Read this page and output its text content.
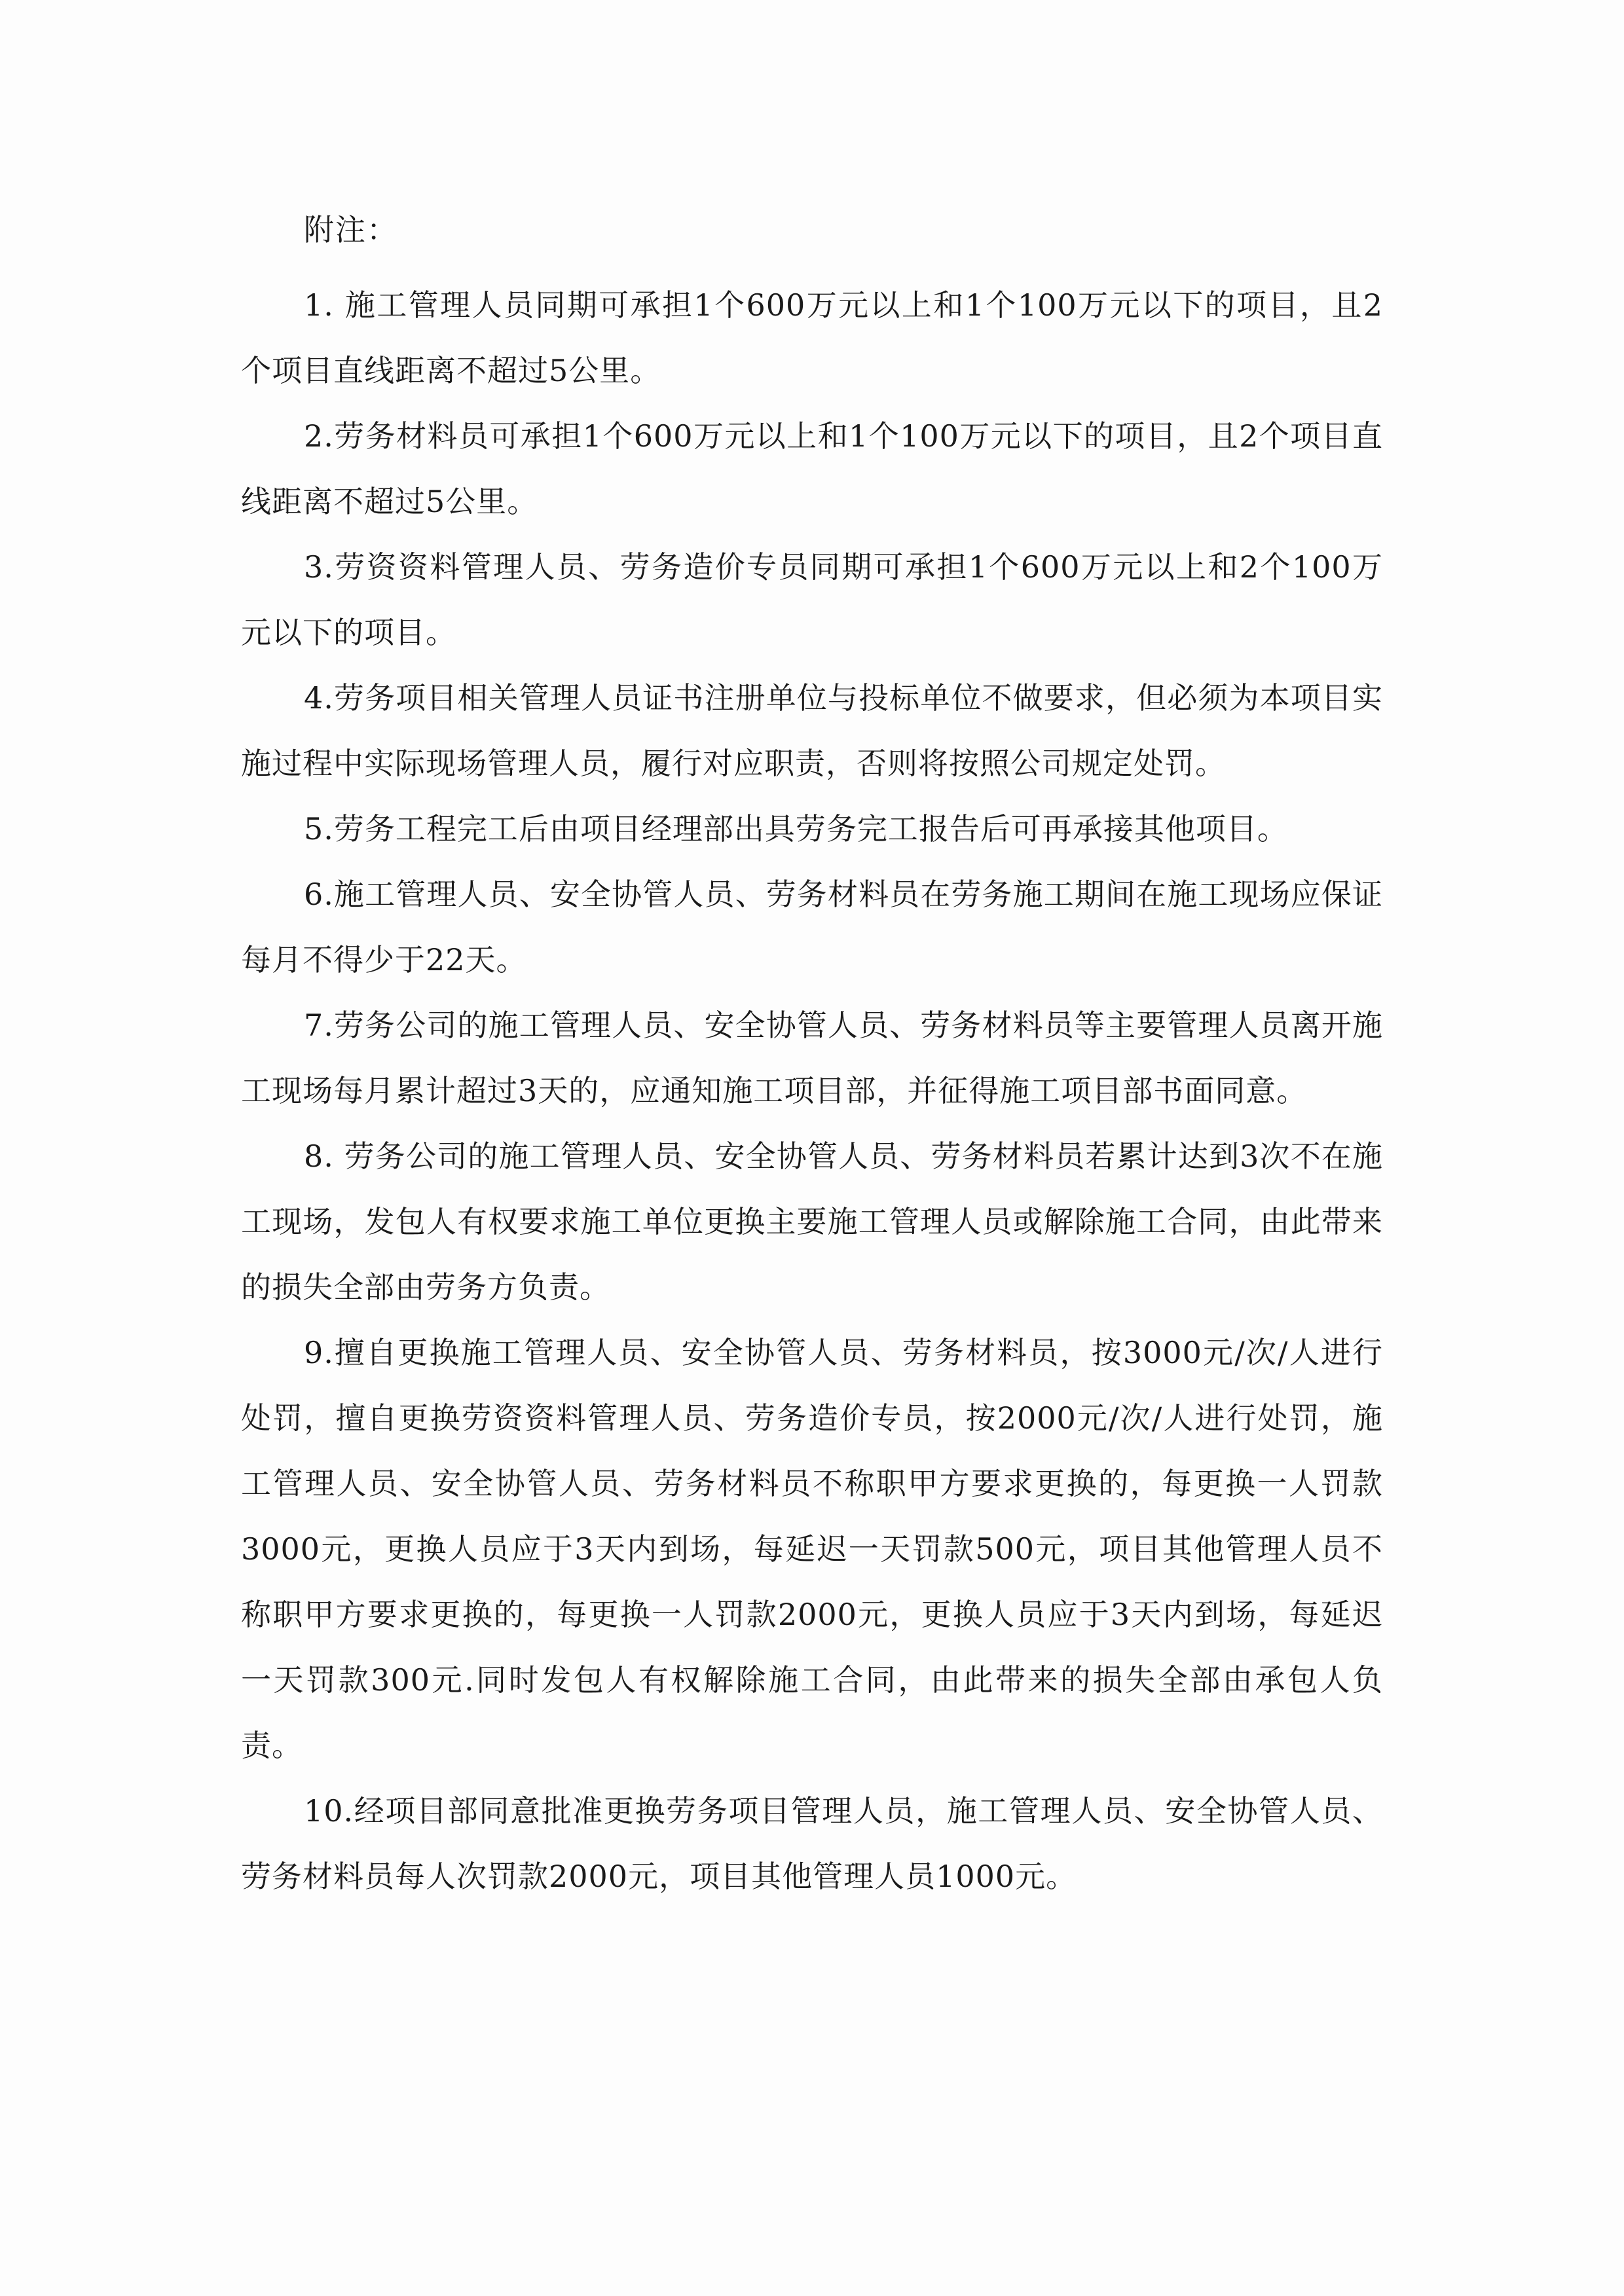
附注：

1. 施工管理人员同期可承担1个600万元以上和1个100万元以下的项目，且2个项目直线距离不超过5公里。

2.劳务材料员可承担1个600万元以上和1个100万元以下的项目，且2个项目直线距离不超过5公里。

3.劳资资料管理人员、劳务造价专员同期可承担1个600万元以上和2个100万元以下的项目。

4.劳务项目相关管理人员证书注册单位与投标单位不做要求，但必须为本项目实施过程中实际现场管理人员，履行对应职责，否则将按照公司规定处罚。

5.劳务工程完工后由项目经理部出具劳务完工报告后可再承接其他项目。

6.施工管理人员、安全协管人员、劳务材料员在劳务施工期间在施工现场应保证每月不得少于22天。

7.劳务公司的施工管理人员、安全协管人员、劳务材料员等主要管理人员离开施工现场每月累计超过3天的，应通知施工项目部，并征得施工项目部书面同意。

8. 劳务公司的施工管理人员、安全协管人员、劳务材料员若累计达到3次不在施工现场，发包人有权要求施工单位更换主要施工管理人员或解除施工合同，由此带来的损失全部由劳务方负责。

9.擅自更换施工管理人员、安全协管人员、劳务材料员，按3000元/次/人进行处罚，擅自更换劳资资料管理人员、劳务造价专员，按2000元/次/人进行处罚，施工管理人员、安全协管人员、劳务材料员不称职甲方要求更换的，每更换一人罚款3000元，更换人员应于3天内到场，每延迟一天罚款500元，项目其他管理人员不称职甲方要求更换的，每更换一人罚款2000元，更换人员应于3天内到场，每延迟一天罚款300元.同时发包人有权解除施工合同，由此带来的损失全部由承包人负责。

10.经项目部同意批准更换劳务项目管理人员，施工管理人员、安全协管人员、劳务材料员每人次罚款2000元，项目其他管理人员1000元。
